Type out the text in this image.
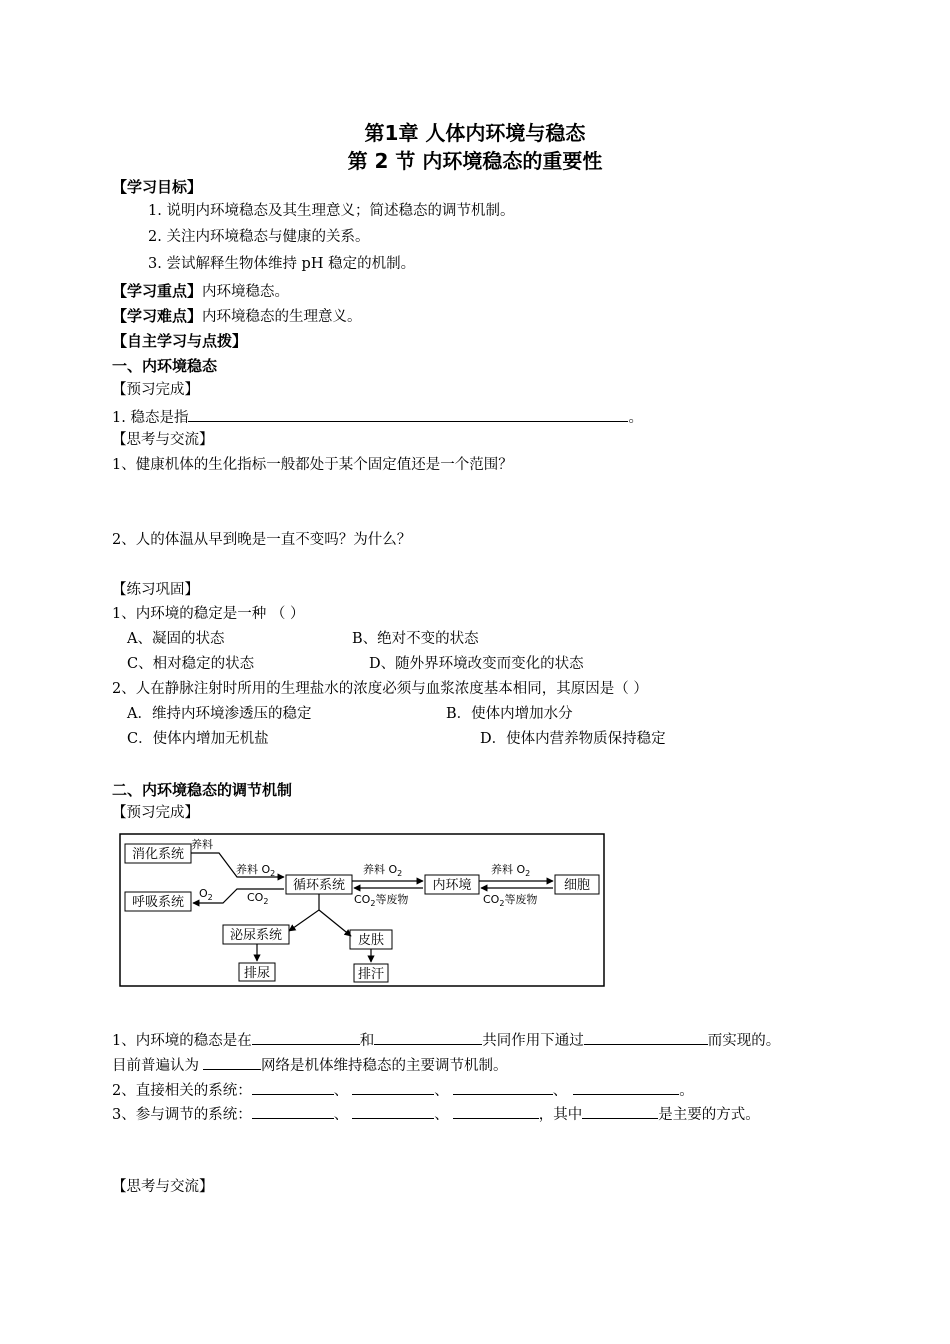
第1章 人体内环境与稳态
第 2 节 内环境稳态的重要性
【学习目标】
1. 说明内环境稳态及其生理意义；简述稳态的调节机制。
2. 关注内环境稳态与健康的关系。
3. 尝试解释生物体维持 pH 稳定的机制。
【学习重点】内环境稳态。
【学习难点】内环境稳态的生理意义。
【自主学习与点拨】
一、内环境稳态
【预习完成】
1. 稳态是指	。
【思考与交流】
1、健康机体的生化指标一般都处于某个固定值还是一个范围？
2、人的体温从早到晚是一直不变吗？为什么？
【练习巩固】
1、内环境的稳定是一种 （ ）
A、凝固的状态	B、绝对不变的状态
C、相对稳定的状态	D、随外界环境改变而变化的状态
2、人在静脉注射时所用的生理盐水的浓度必须与血浆浓度基本相同，其原因是（ ）
A．维持内环境渗透压的稳定	B．使体内增加水分
C．使体内增加无机盐	D．使体内营养物质保持稳定
二、内环境稳态的调节机制
【预习完成】
消化系统
呼吸系统
循环系统	内环境	细胞
泌尿系统	皮肤
排尿	排汗
养料
$O_2$
养料 $O_2$
$CO_2$
养料 $O_2$
$CO_2$等废物
养料 $O_2$
$CO_2$等废物
1、内环境的稳态是在	和	共同作用下通过	而实现的。
目前普遍认为	网络是机体维持稳态的主要调节机制。
2、直接相关的系统：	、	、	、	。
3、参与调节的系统：	、	、	，其中	是主要的方式。
【思考与交流】
